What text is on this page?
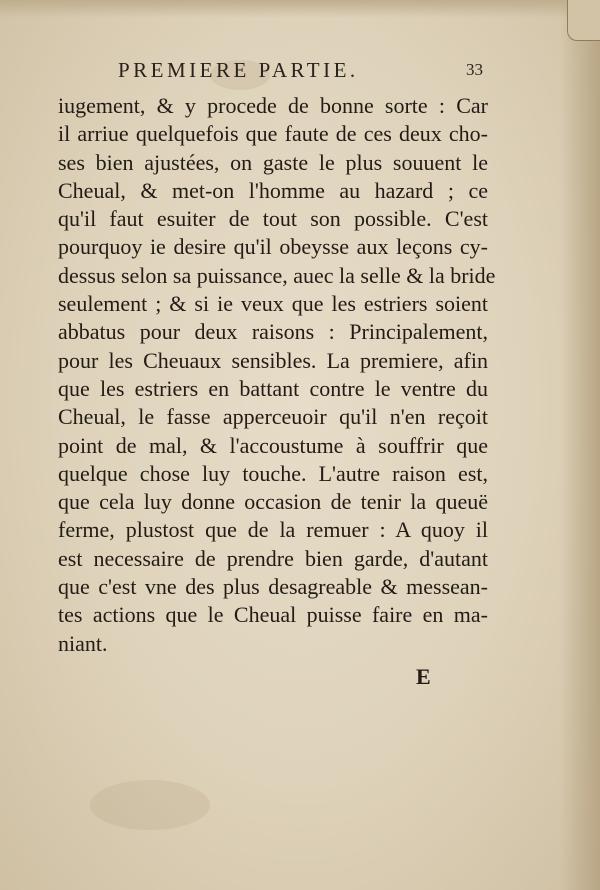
PREMIERE PARTIE.	33
iugement, & y procede de bonne sorte : Car
il arriue quelquefois que faute de ces deux cho-
ses bien ajustées, on gaste le plus souuent le
Cheual, & met-on l'homme au hazard ; ce
qu'il faut esuiter de tout son possible. C'est
pourquoy ie desire qu'il obeysse aux leçons cy-
dessus selon sa puissance, auec la selle & la bride
seulement ; & si ie veux que les estriers soient
abbatus pour deux raisons : Principalement,
pour les Cheuaux sensibles. La premiere, afin
que les estriers en battant contre le ventre du
Cheual, le fasse apperceuoir qu'il n'en reçoit
point de mal, & l'accoustume à souffrir que
quelque chose luy touche. L'autre raison est,
que cela luy donne occasion de tenir la queuë
ferme, plustost que de la remuer : A quoy il
est necessaire de prendre bien garde, d'autant
que c'est vne des plus desagreable & messean-
tes actions que le Cheual puisse faire en ma-
niant.
E
